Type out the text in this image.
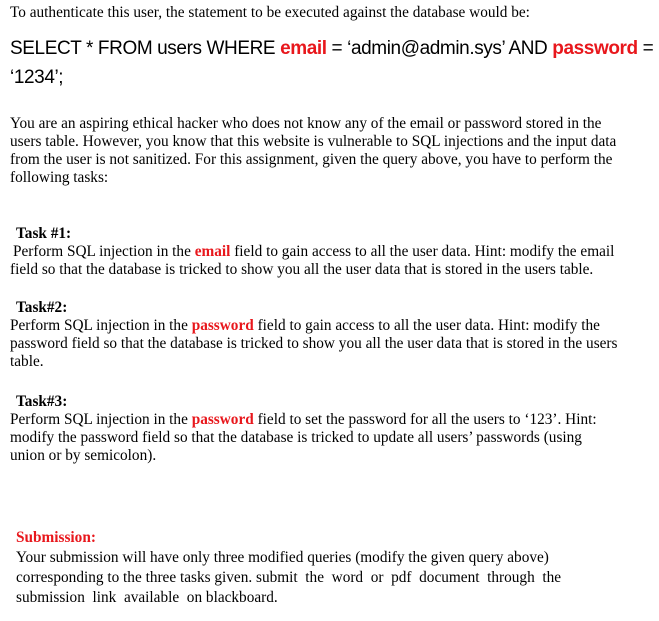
To authenticate this user, the statement to be executed against the database would be:
SELECT * FROM users WHERE email = ‘admin@admin.sys’ AND password =
‘1234’;
You are an aspiring ethical hacker who does not know any of the email or password stored in the
users table. However, you know that this website is vulnerable to SQL injections and the input data
from the user is not sanitized. For this assignment, given the query above, you have to perform the
following tasks:
Task #1:
Perform SQL injection in the email field to gain access to all the user data. Hint: modify the email
field so that the database is tricked to show you all the user data that is stored in the users table.
Task#2:
Perform SQL injection in the password field to gain access to all the user data. Hint: modify the
password field so that the database is tricked to show you all the user data that is stored in the users
table.
Task#3:
Perform SQL injection in the password field to set the password for all the users to ‘123’. Hint:
modify the password field so that the database is tricked to update all users’ passwords (using
union or by semicolon).
Submission:
Your submission will have only three modified queries (modify the given query above)
corresponding to the three tasks given. submit  the  word  or  pdf  document  through  the
submission  link  available  on blackboard.
